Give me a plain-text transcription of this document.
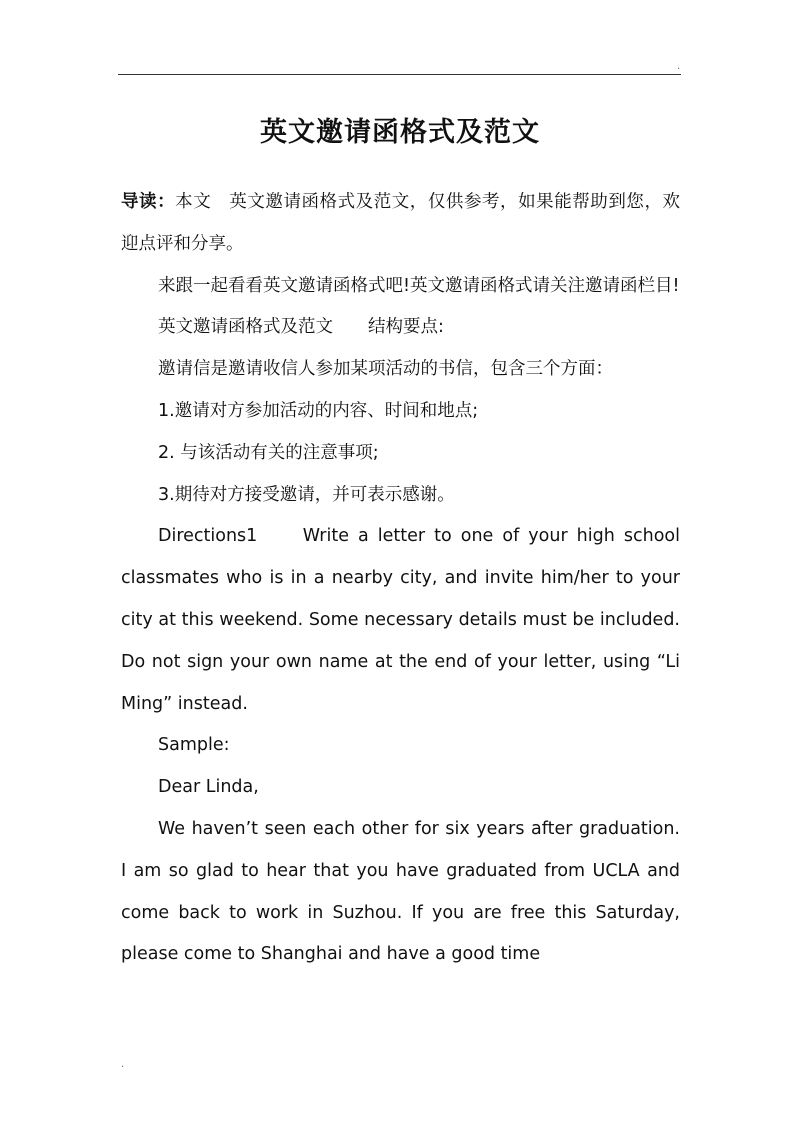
.
英文邀请函格式及范文

导读：本文　英文邀请函格式及范文，仅供参考，如果能帮助到您，欢迎点评和分享。

来跟一起看看英文邀请函格式吧!英文邀请函格式请关注邀请函栏目!

英文邀请函格式及范文　　结构要点:

邀请信是邀请收信人参加某项活动的书信，包含三个方面：

1.邀请对方参加活动的内容、时间和地点;

2. 与该活动有关的注意事项;

3.期待对方接受邀请，并可表示感谢。

Directions1　　Write a letter to one of your high school classmates who is in a nearby city, and invite him/her to your city at this weekend. Some necessary details must be included. Do not sign your own name at the end of your letter, using “Li Ming” instead.

Sample:

Dear Linda,

We haven’t seen each other for six years after graduation. I am so glad to hear that you have graduated from UCLA and come back to work in Suzhou. If you are free this Saturday, please come to Shanghai and have a good time

.
